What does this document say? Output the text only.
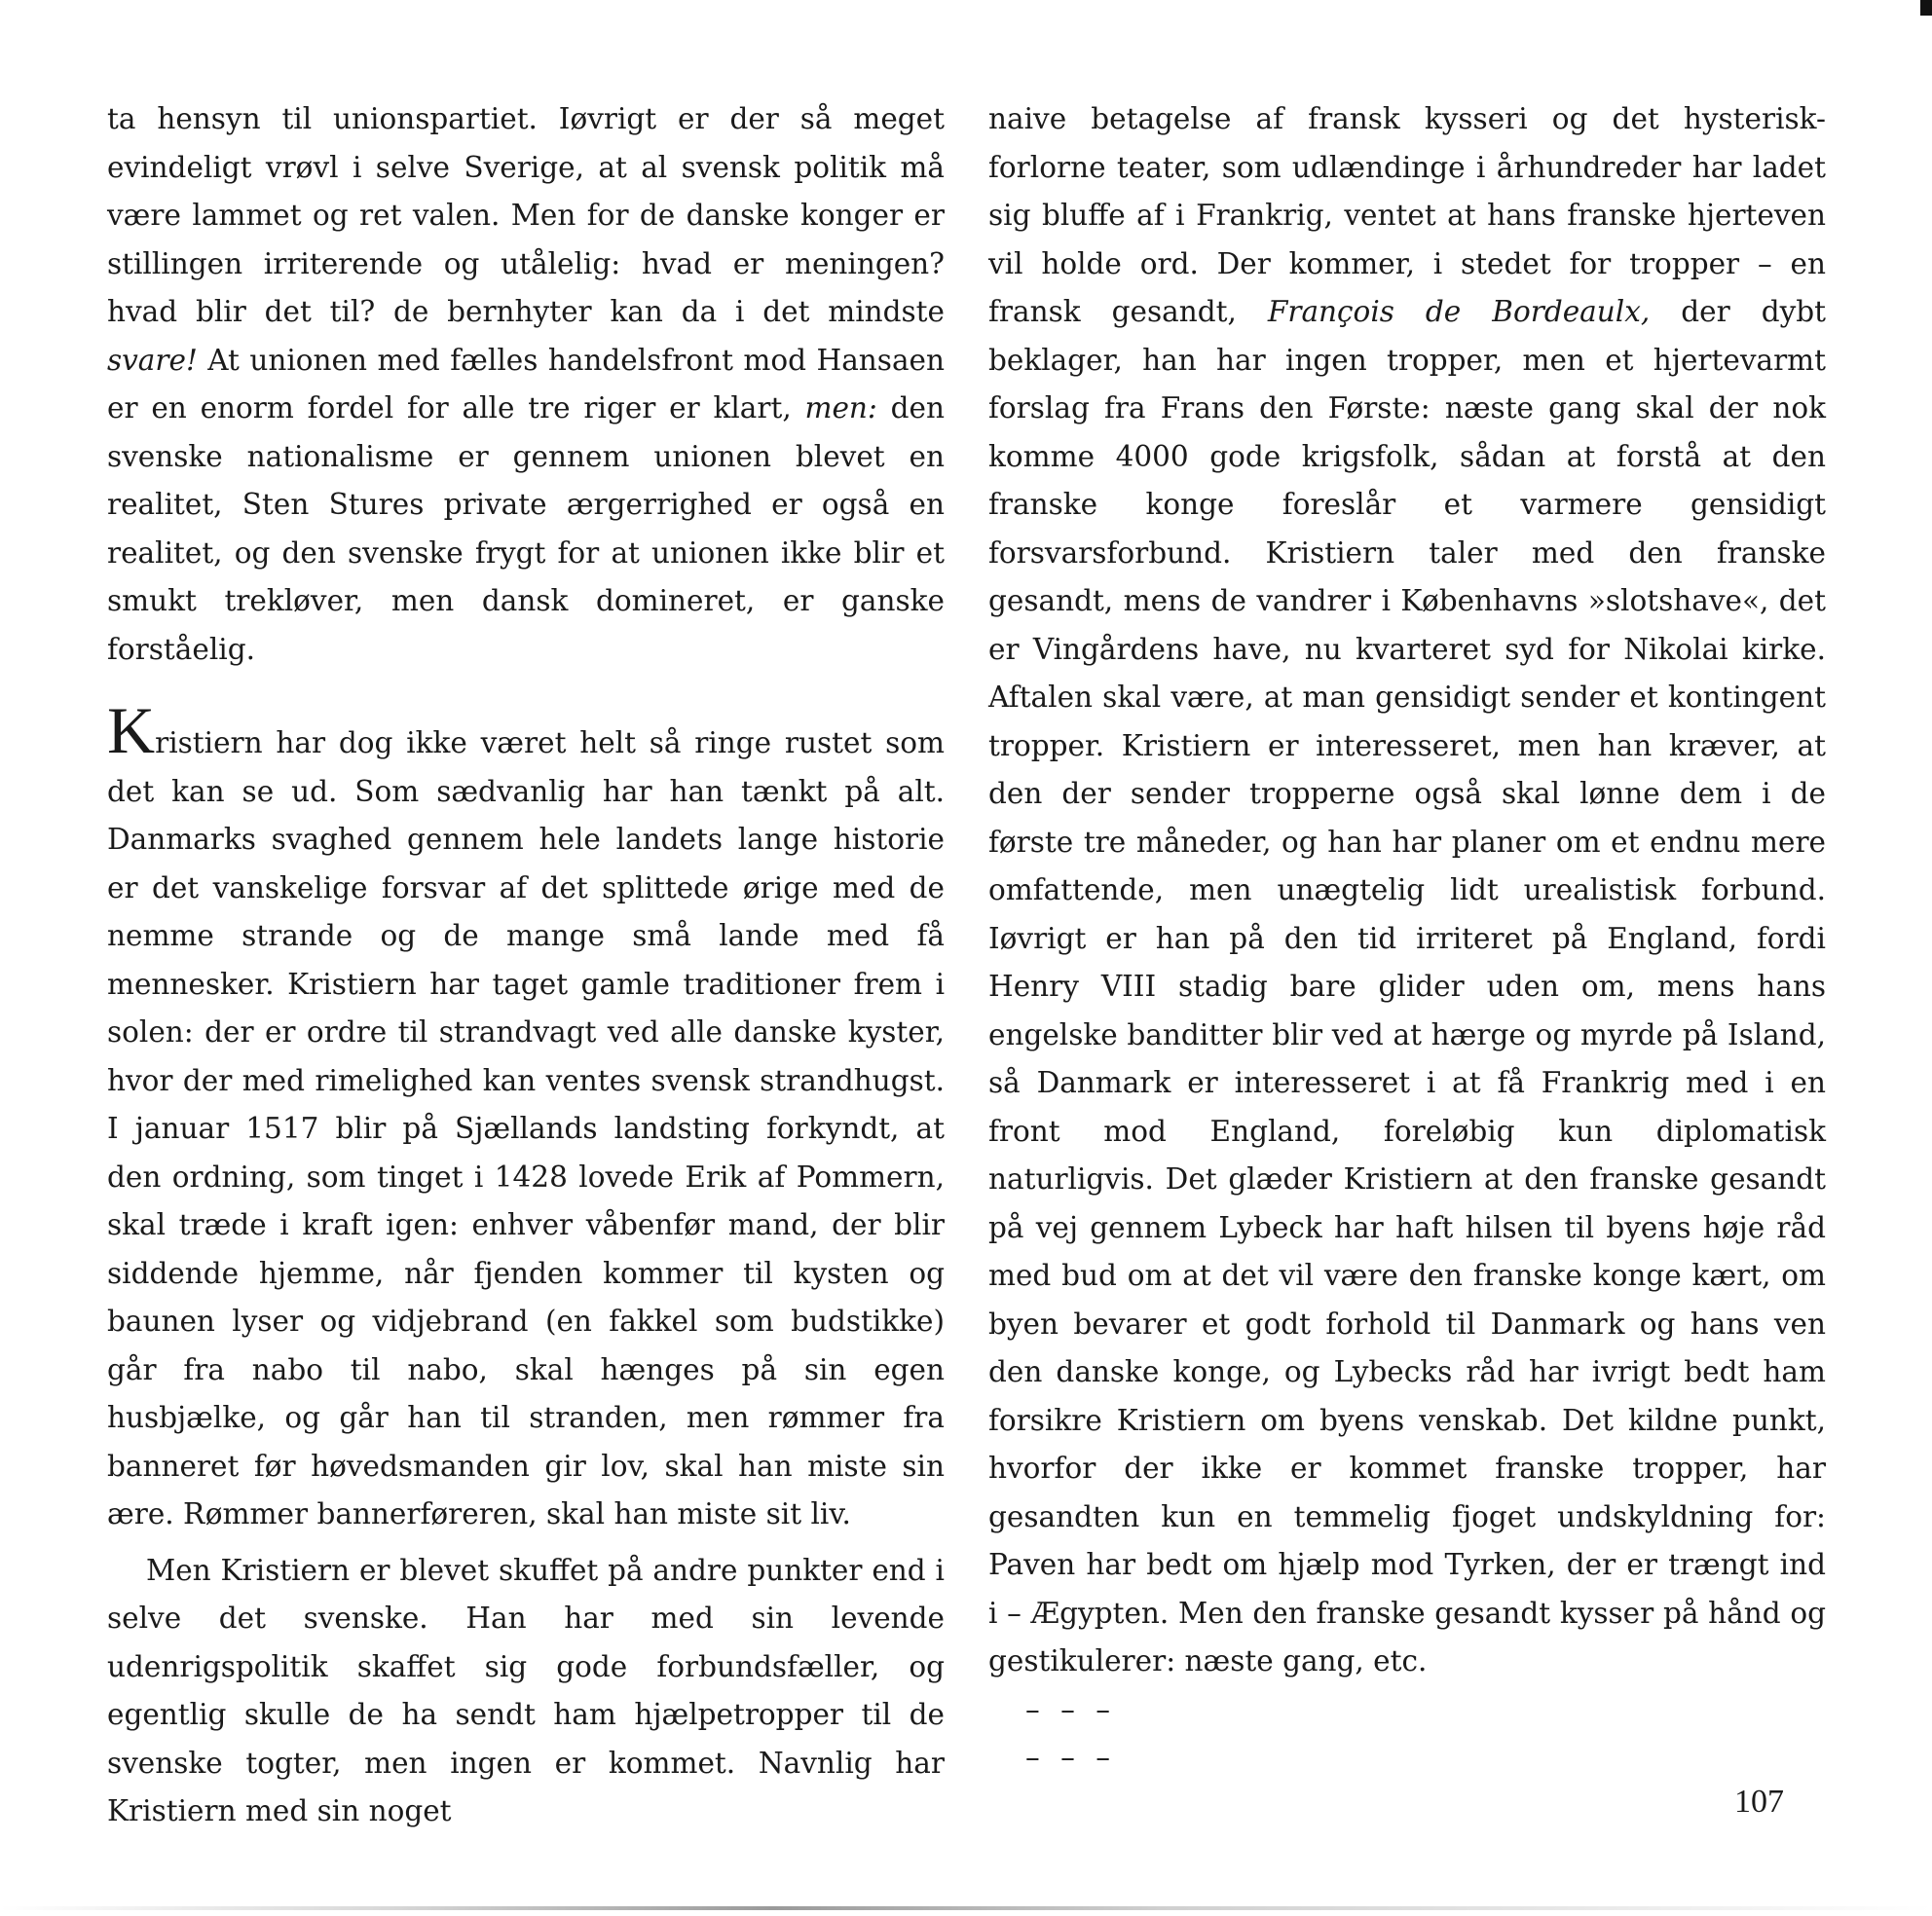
ta hensyn til unionspartiet. Iøvrigt er der så meget evindeligt vrøvl i selve Sverige, at al svensk politik må være lammet og ret valen. Men for de danske konger er stillingen irriterende og utålelig: hvad er meningen? hvad blir det til? de bernhyter kan da i det mindste svare! At unionen med fælles handelsfront mod Hansaen er en enorm fordel for alle tre riger er klart, men: den svenske nationalisme er gennem unionen blevet en realitet, Sten Stures private ærgerrighed er også en realitet, og den svenske frygt for at unionen ikke blir et smukt trekløver, men dansk domineret, er ganske forståelig.

Kristiern har dog ikke været helt så ringe rustet som det kan se ud. Som sædvanlig har han tænkt på alt. Danmarks svaghed gennem hele landets lange historie er det vanskelige forsvar af det splittede ørige med de nemme strande og de mange små lande med få mennesker. Kristiern har taget gamle traditioner frem i solen: der er ordre til strandvagt ved alle danske kyster, hvor der med rimelighed kan ventes svensk strandhugst. I januar 1517 blir på Sjællands landsting forkyndt, at den ordning, som tinget i 1428 lovede Erik af Pommern, skal træde i kraft igen: enhver våbenfør mand, der blir siddende hjemme, når fjenden kommer til kysten og baunen lyser og vidjebrand (en fakkel som budstikke) går fra nabo til nabo, skal hænges på sin egen husbjælke, og går han til stranden, men rømmer fra banneret før høvedsmanden gir lov, skal han miste sin ære. Rømmer bannerføreren, skal han miste sit liv.

Men Kristiern er blevet skuffet på andre punkter end i selve det svenske. Han har med sin levende udenrigspolitik skaffet sig gode forbundsfæller, og egentlig skulle de ha sendt ham hjælpetropper til de svenske togter, men ingen er kommet. Navnlig har Kristiern med sin noget

naive betagelse af fransk kysseri og det hysterisk-forlorne teater, som udlændinge i århundreder har ladet sig bluffe af i Frankrig, ventet at hans franske hjerteven vil holde ord. Der kommer, i stedet for tropper – en fransk gesandt, François de Bordeaulx, der dybt beklager, han har ingen tropper, men et hjertevarmt forslag fra Frans den Første: næste gang skal der nok komme 4000 gode krigsfolk, sådan at forstå at den franske konge foreslår et varmere gensidigt forsvarsforbund. Kristiern taler med den franske gesandt, mens de vandrer i Københavns »slotshave«, det er Vingårdens have, nu kvarteret syd for Nikolai kirke. Aftalen skal være, at man gensidigt sender et kontingent tropper. Kristiern er interesseret, men han kræver, at den der sender tropperne også skal lønne dem i de første tre måneder, og han har planer om et endnu mere omfattende, men unægtelig lidt urealistisk forbund. Iøvrigt er han på den tid irriteret på England, fordi Henry VIII stadig bare glider uden om, mens hans engelske banditter blir ved at hærge og myrde på Island, så Danmark er interesseret i at få Frankrig med i en front mod England, foreløbig kun diplomatisk naturligvis. Det glæder Kristiern at den franske gesandt på vej gennem Lybeck har haft hilsen til byens høje råd med bud om at det vil være den franske konge kært, om byen bevarer et godt forhold til Danmark og hans ven den danske konge, og Lybecks råd har ivrigt bedt ham forsikre Kristiern om byens venskab. Det kildne punkt, hvorfor der ikke er kommet franske tropper, har gesandten kun en temmelig fjoget undskyldning for: Paven har bedt om hjælp mod Tyrken, der er trængt ind i – Ægypten. Men den franske gesandt kysser på hånd og gestikulerer: næste gang, etc.

– – –
– – –
107
